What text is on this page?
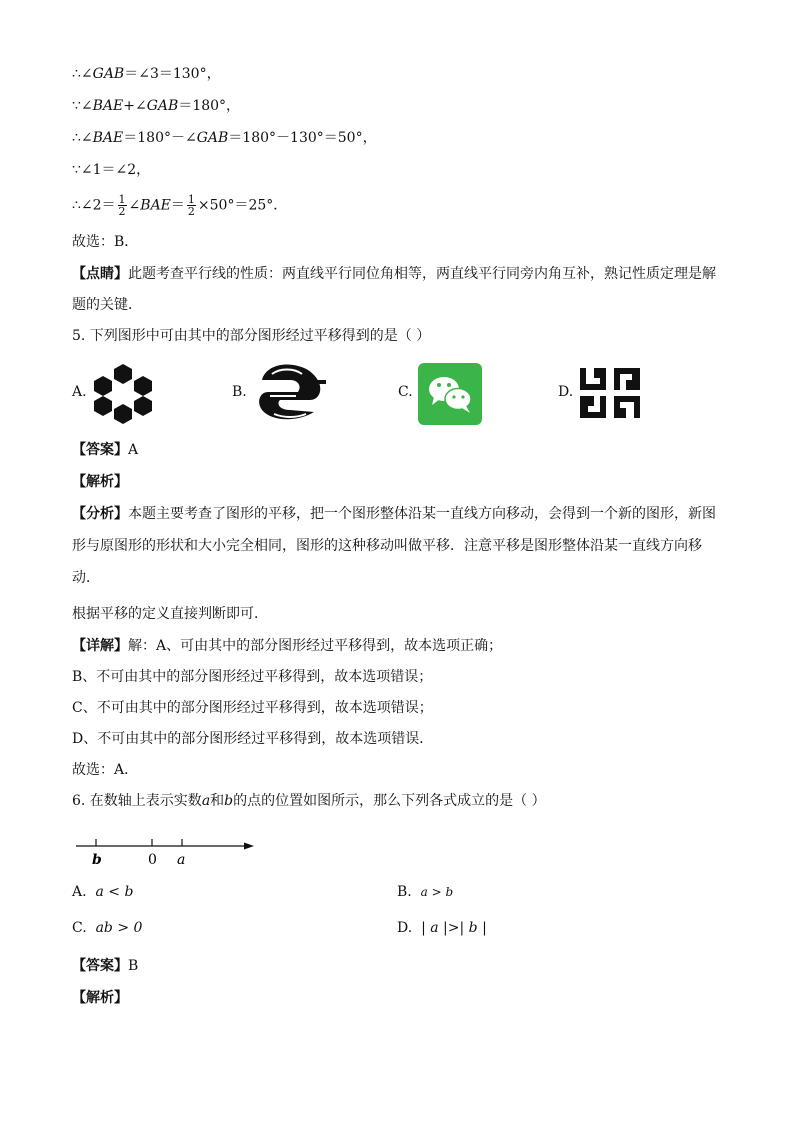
∴∠GAB＝∠3＝130°，
∵∠BAE+∠GAB＝180°，
∴∠BAE＝180°－∠GAB＝180°－130°＝50°，
∵∠1＝∠2，
∴∠2＝ $\frac{1}{2}$ ∠BAE＝ $\frac{1}{2} \times 50^\circ=25^\circ$．
故选：B．
【点睛】此题考查平行线的性质：两直线平行同位角相等，两直线平行同旁内角互补，熟记性质定理是解
题的关键．
5. 下列图形中可由其中的部分图形经过平移得到的是（ ）
A.	B.	C.	D.
【答案】A
【解析】
【分析】本题主要考查了图形的平移，把一个图形整体沿某一直线方向移动，会得到一个新的图形，新图
形与原图形的形状和大小完全相同，图形的这种移动叫做平移．注意平移是图形整体沿某一直线方向移
动．
根据平移的定义直接判断即可．
【详解】解：A、可由其中的部分图形经过平移得到，故本选项正确；
B、不可由其中的部分图形经过平移得到，故本选项错误；
C、不可由其中的部分图形经过平移得到，故本选项错误；
D、不可由其中的部分图形经过平移得到，故本选项错误．
故选：A．
6. 在数轴上表示实数a和b的点的位置如图所示，那么下列各式成立的是（ ）
b	0 a
A. a < b	B. a > b
C. ab > 0	D. | a |>| b |
【答案】B
【解析】
